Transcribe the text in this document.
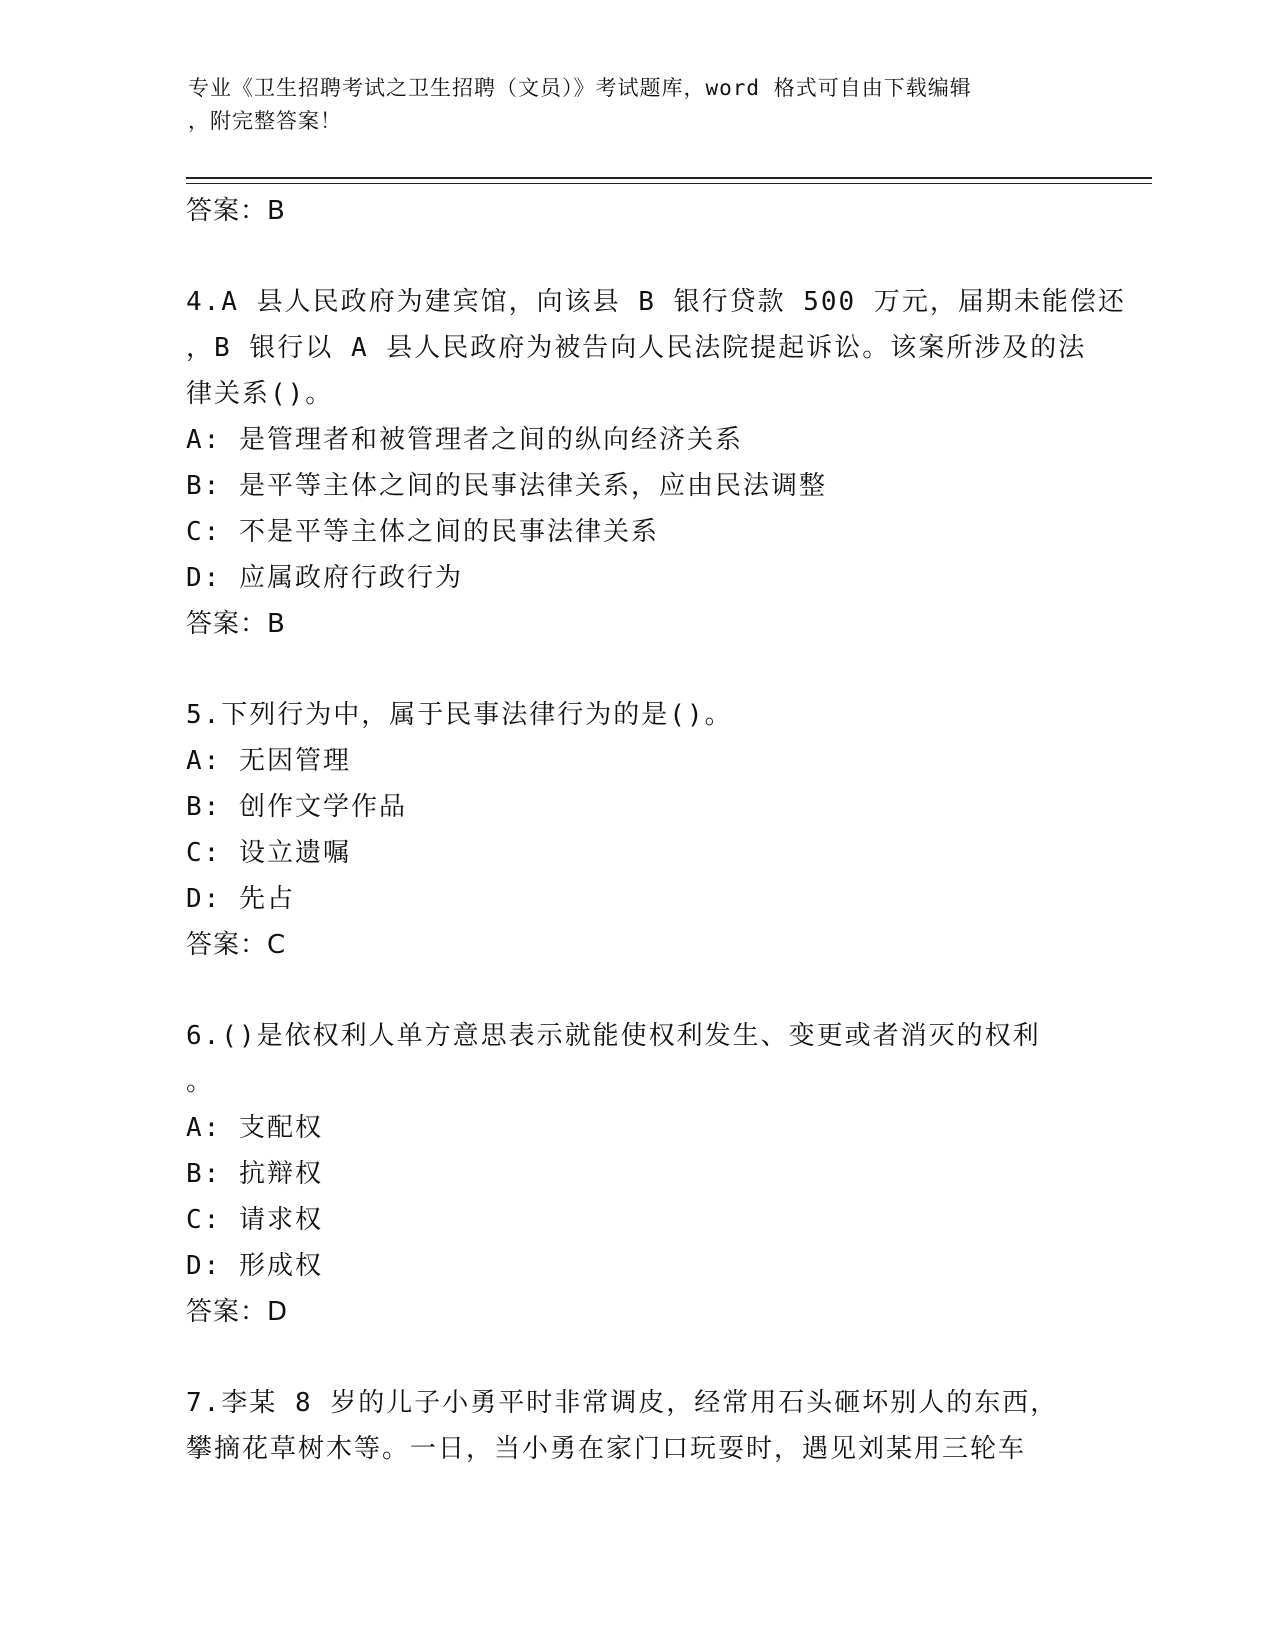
专业《卫生招聘考试之卫生招聘（文员）》考试题库，word 格式可自由下载编辑
，附完整答案！
答案：B
4.A 县人民政府为建宾馆，向该县 B 银行贷款 500 万元，届期未能偿还
，B 银行以 A 县人民政府为被告向人民法院提起诉讼。该案所涉及的法
律关系()。
A: 是管理者和被管理者之间的纵向经济关系
B: 是平等主体之间的民事法律关系，应由民法调整
C: 不是平等主体之间的民事法律关系
D: 应属政府行政行为
答案：B
5.下列行为中，属于民事法律行为的是()。
A: 无因管理
B: 创作文学作品
C: 设立遗嘱
D: 先占
答案：C
6.()是依权利人单方意思表示就能使权利发生、变更或者消灭的权利
。
A: 支配权
B: 抗辩权
C: 请求权
D: 形成权
答案：D
7.李某 8 岁的儿子小勇平时非常调皮，经常用石头砸坏别人的东西，
攀摘花草树木等。一日，当小勇在家门口玩耍时，遇见刘某用三轮车
